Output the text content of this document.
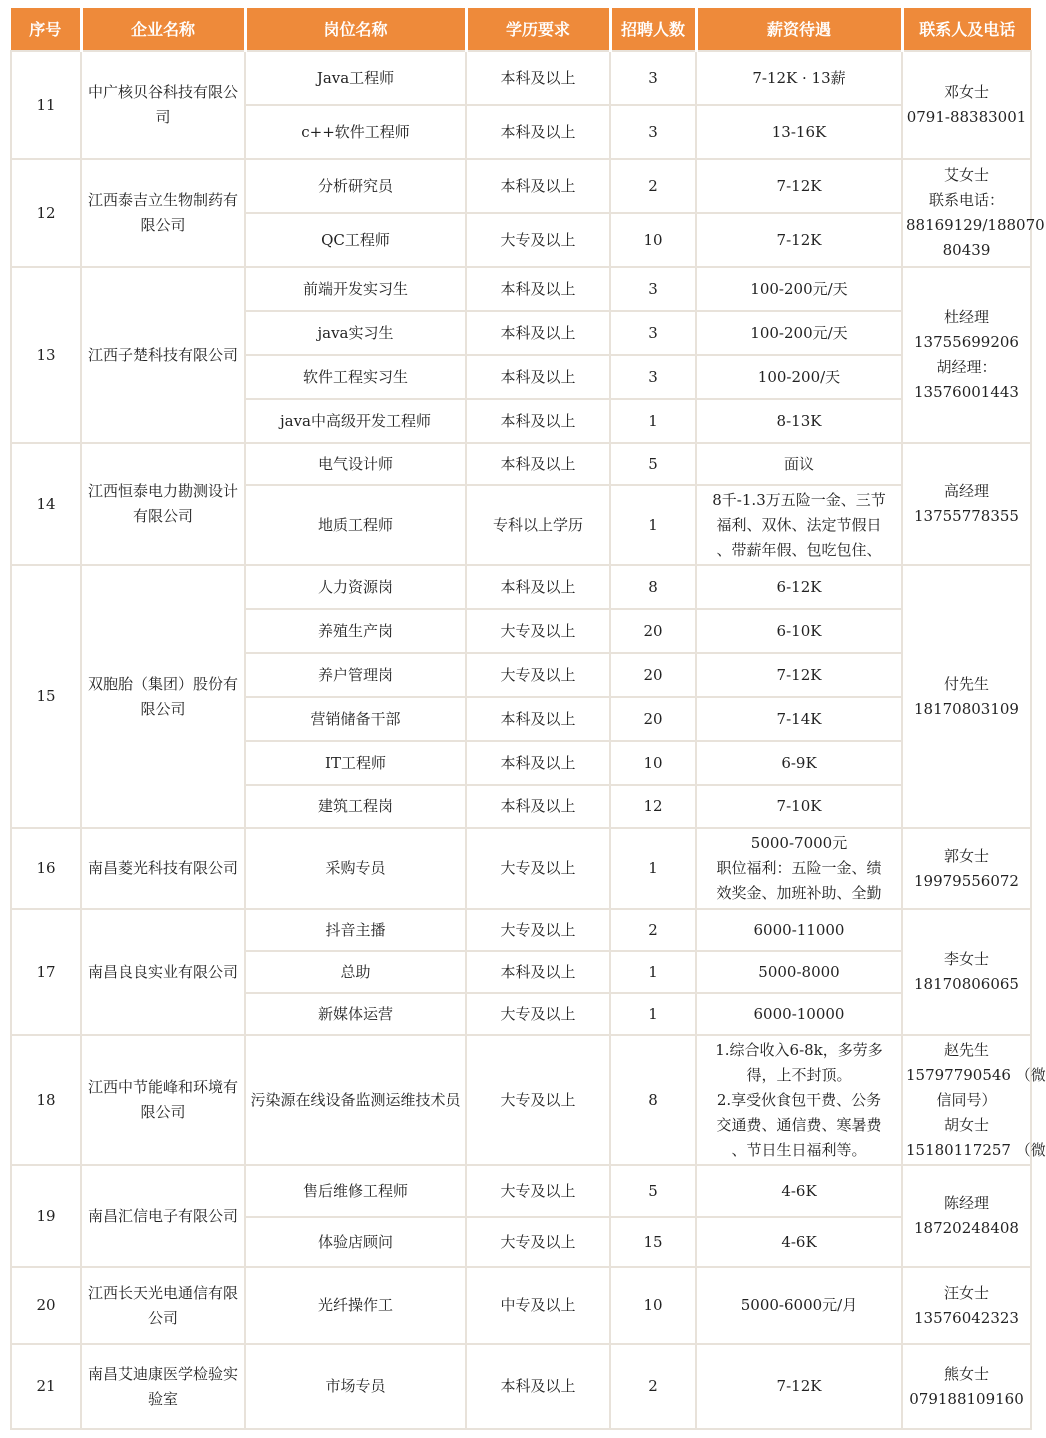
序号	企业名称	岗位名称	学历要求	招聘人数	薪资待遇	联系人及电话
11	中广核贝谷科技有限公司	Java工程师	本科及以上	3	7-12K · 13薪	邓女士
0791-88383001

		c++软件工程师	本科及以上	3	13-16K	

12	江西泰吉立生物制药有限公司	分析研究员	本科及以上	2	7-12K	艾女士
联系电话：
88169129/188070
80439

		QC工程师	大专及以上	10	7-12K	

13	江西子楚科技有限公司	前端开发实习生	本科及以上	3	100-200元/天	杜经理
13755699206
胡经理：
13576001443

		java实习生	本科及以上	3	100-200元/天	

		软件工程实习生	本科及以上	3	100-200/天	

		java中高级开发工程师	本科及以上	1	8-13K	

14	江西恒泰电力勘测设计有限公司	电气设计师	本科及以上	5	面议	高经理
13755778355

		地质工程师	专科以上学历	1	8千-1.3万五险一金、三节
福利、双休、法定节假日
、带薪年假、包吃包住、	

15	双胞胎（集团）股份有限公司	人力资源岗	本科及以上	8	6-12K	付先生
18170803109

		养殖生产岗	大专及以上	20	6-10K	

		养户管理岗	大专及以上	20	7-12K	

		营销储备干部	本科及以上	20	7-14K	

		IT工程师	本科及以上	10	6-9K	

		建筑工程岗	本科及以上	12	7-10K	

16	南昌菱光科技有限公司	采购专员	大专及以上	1	5000-7000元
职位福利：五险一金、绩
效奖金、加班补助、全勤	郭女士
19979556072

17	南昌良良实业有限公司	抖音主播	大专及以上	2	6000-11000	李女士
18170806065

		总助	本科及以上	1	5000-8000	

		新媒体运营	大专及以上	1	6000-10000	

18	江西中节能峰和环境有限公司	污染源在线设备监测运维技术员	大专及以上	8	1.综合收入6-8k，多劳多
得，上不封顶。
2.享受伙食包干费、公务
交通费、通信费、寒暑费
、节日生日福利等。	赵先生
15797790546 （微
信同号）
胡女士
15180117257 （微

19	南昌汇信电子有限公司	售后维修工程师	大专及以上	5	4-6K	陈经理
18720248408

		体验店顾问	大专及以上	15	4-6K	

20	江西长天光电通信有限公司	光纤操作工	中专及以上	10	5000-6000元/月	汪女士
13576042323

21	南昌艾迪康医学检验实验室	市场专员	本科及以上	2	7-12K	熊女士
079188109160
